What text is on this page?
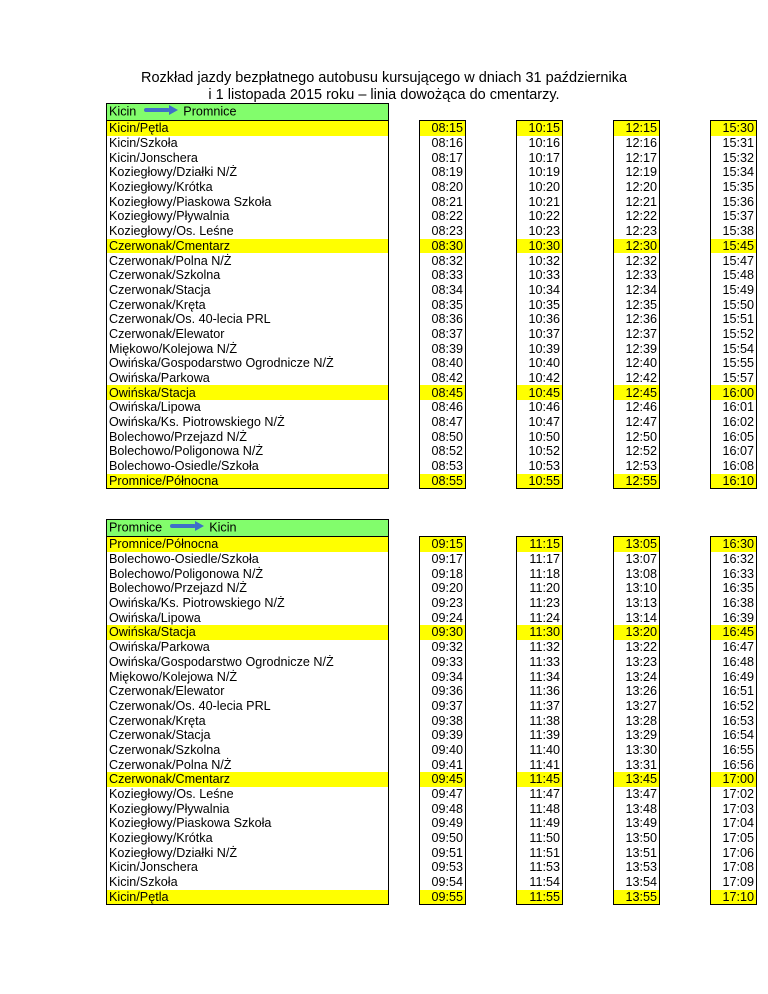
Rozkład jazdy bezpłatnego autobusu kursującego w dniach 31 października
i 1 listopada 2015 roku – linia dowożąca do cmentarzy.
Kicin Promnice								
Kicin/Pętla		08:15		10:15		12:15		15:30
Kicin/Szkoła		08:16		10:16		12:16		15:31
Kicin/Jonschera		08:17		10:17		12:17		15:32
Koziegłowy/Działki N/Ż		08:19		10:19		12:19		15:34
Koziegłowy/Krótka		08:20		10:20		12:20		15:35
Koziegłowy/Piaskowa Szkoła		08:21		10:21		12:21		15:36
Koziegłowy/Pływalnia		08:22		10:22		12:22		15:37
Koziegłowy/Os. Leśne		08:23		10:23		12:23		15:38
Czerwonak/Cmentarz		08:30		10:30		12:30		15:45
Czerwonak/Polna N/Ż		08:32		10:32		12:32		15:47
Czerwonak/Szkolna		08:33		10:33		12:33		15:48
Czerwonak/Stacja		08:34		10:34		12:34		15:49
Czerwonak/Kręta		08:35		10:35		12:35		15:50
Czerwonak/Os. 40-lecia PRL		08:36		10:36		12:36		15:51
Czerwonak/Elewator		08:37		10:37		12:37		15:52
Miękowo/Kolejowa N/Ż		08:39		10:39		12:39		15:54
Owińska/Gospodarstwo Ogrodnicze N/Ż		08:40		10:40		12:40		15:55
Owińska/Parkowa		08:42		10:42		12:42		15:57
Owińska/Stacja		08:45		10:45		12:45		16:00
Owińska/Lipowa		08:46		10:46		12:46		16:01
Owińska/Ks. Piotrowskiego N/Ż		08:47		10:47		12:47		16:02
Bolechowo/Przejazd N/Ż		08:50		10:50		12:50		16:05
Bolechowo/Poligonowa N/Ż		08:52		10:52		12:52		16:07
Bolechowo-Osiedle/Szkoła		08:53		10:53		12:53		16:08
Promnice/Północna		08:55		10:55		12:55		16:10
Promnice Kicin								
Promnice/Północna		09:15		11:15		13:05		16:30
Bolechowo-Osiedle/Szkoła		09:17		11:17		13:07		16:32
Bolechowo/Poligonowa N/Ż		09:18		11:18		13:08		16:33
Bolechowo/Przejazd N/Ż		09:20		11:20		13:10		16:35
Owińska/Ks. Piotrowskiego N/Ż		09:23		11:23		13:13		16:38
Owińska/Lipowa		09:24		11:24		13:14		16:39
Owińska/Stacja		09:30		11:30		13:20		16:45
Owińska/Parkowa		09:32		11:32		13:22		16:47
Owińska/Gospodarstwo Ogrodnicze N/Ż		09:33		11:33		13:23		16:48
Miękowo/Kolejowa N/Ż		09:34		11:34		13:24		16:49
Czerwonak/Elewator		09:36		11:36		13:26		16:51
Czerwonak/Os. 40-lecia PRL		09:37		11:37		13:27		16:52
Czerwonak/Kręta		09:38		11:38		13:28		16:53
Czerwonak/Stacja		09:39		11:39		13:29		16:54
Czerwonak/Szkolna		09:40		11:40		13:30		16:55
Czerwonak/Polna N/Ż		09:41		11:41		13:31		16:56
Czerwonak/Cmentarz		09:45		11:45		13:45		17:00
Koziegłowy/Os. Leśne		09:47		11:47		13:47		17:02
Koziegłowy/Pływalnia		09:48		11:48		13:48		17:03
Koziegłowy/Piaskowa Szkoła		09:49		11:49		13:49		17:04
Koziegłowy/Krótka		09:50		11:50		13:50		17:05
Koziegłowy/Działki N/Ż		09:51		11:51		13:51		17:06
Kicin/Jonschera		09:53		11:53		13:53		17:08
Kicin/Szkoła		09:54		11:54		13:54		17:09
Kicin/Pętla		09:55		11:55		13:55		17:10
